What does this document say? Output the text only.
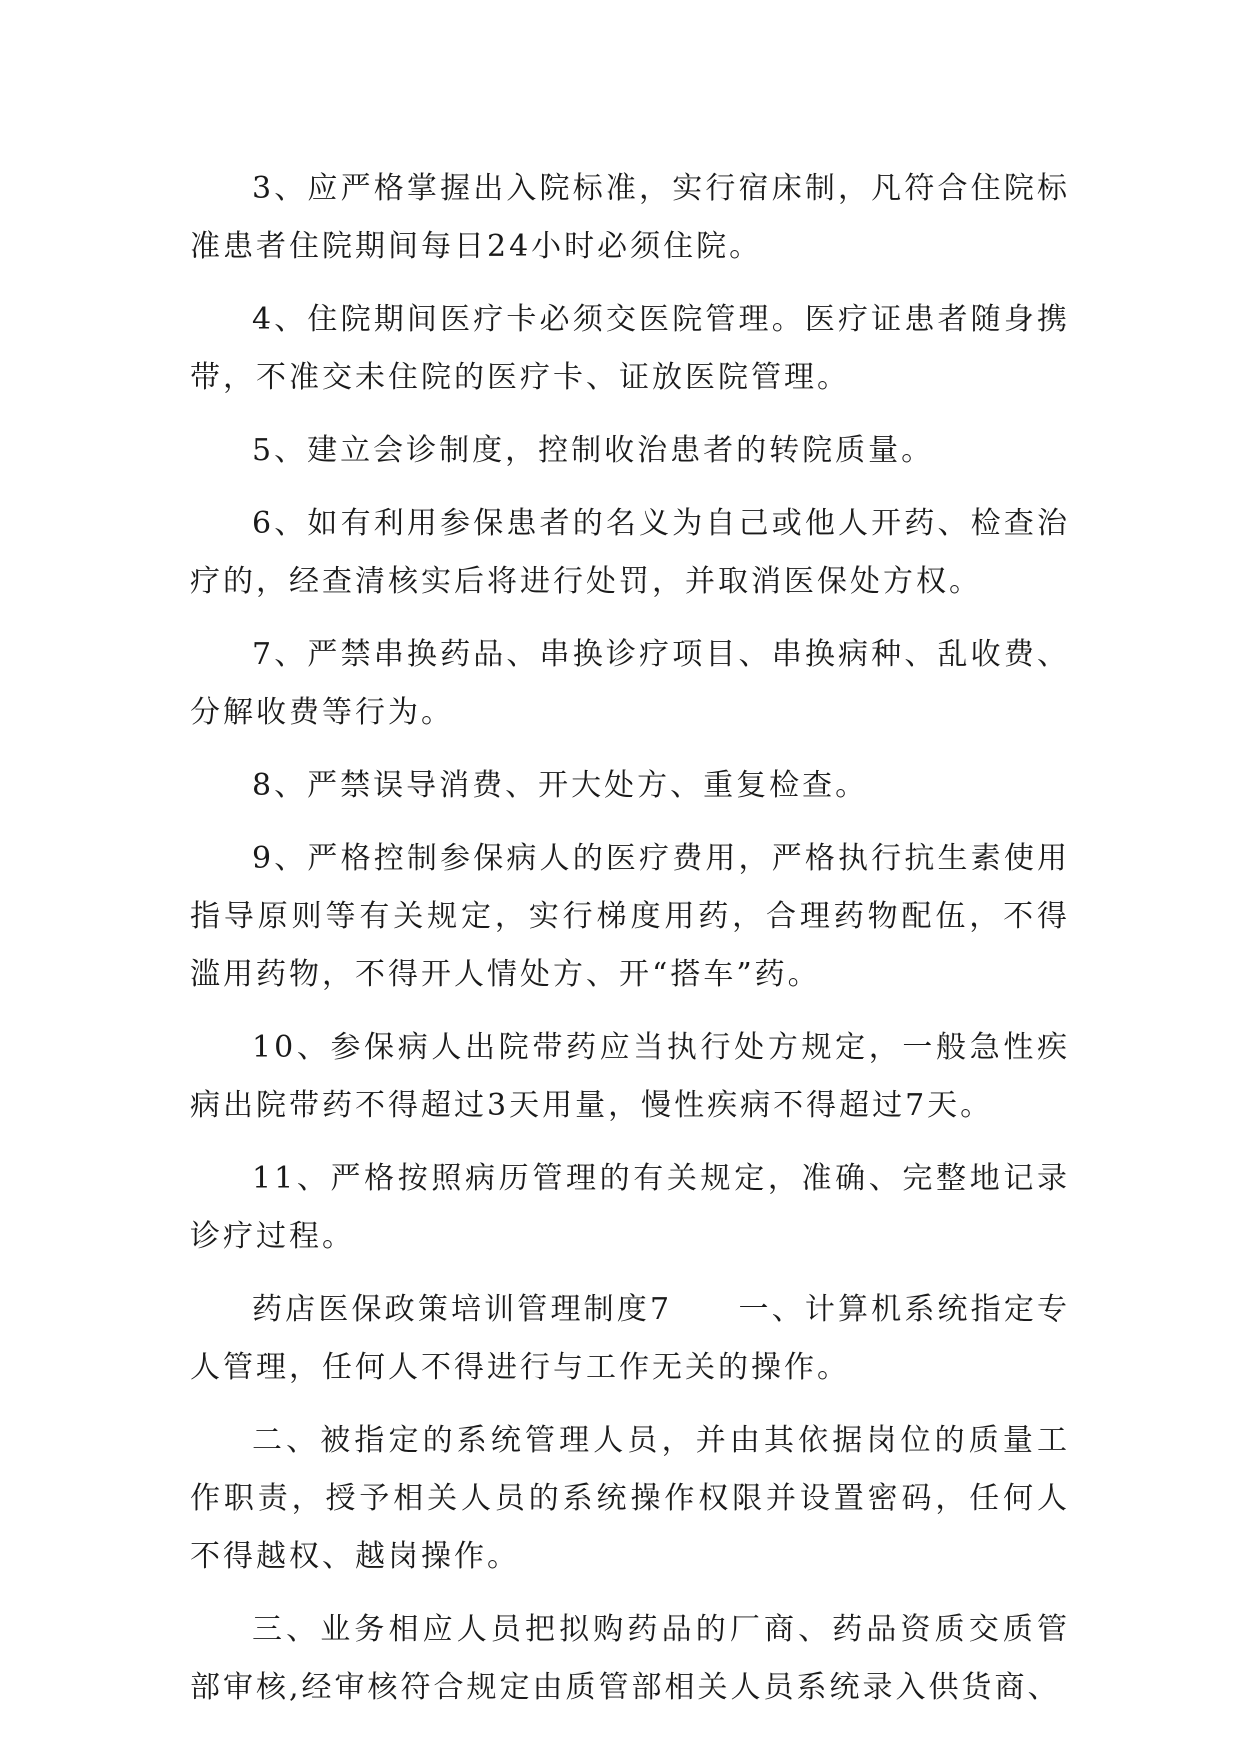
3、应严格掌握出入院标准，实行宿床制，凡符合住院标准患者住院期间每日24小时必须住院。

4、住院期间医疗卡必须交医院管理。医疗证患者随身携带，不准交未住院的医疗卡、证放医院管理。

5、建立会诊制度，控制收治患者的转院质量。

6、如有利用参保患者的名义为自己或他人开药、检查治疗的，经查清核实后将进行处罚，并取消医保处方权。

7、严禁串换药品、串换诊疗项目、串换病种、乱收费、分解收费等行为。

8、严禁误导消费、开大处方、重复检查。

9、严格控制参保病人的医疗费用，严格执行抗生素使用指导原则等有关规定，实行梯度用药，合理药物配伍，不得滥用药物，不得开人情处方、开“搭车”药。

10、参保病人出院带药应当执行处方规定，一般急性疾病出院带药不得超过3天用量，慢性疾病不得超过7天。

11、严格按照病历管理的有关规定，准确、完整地记录诊疗过程。

药店医保政策培训管理制度7　　一、计算机系统指定专人管理，任何人不得进行与工作无关的操作。

二、被指定的系统管理人员，并由其依据岗位的质量工作职责，授予相关人员的系统操作权限并设置密码，任何人不得越权、越岗操作。

三、业务相应人员把拟购药品的厂商、药品资质交质管部审核,经审核符合规定由质管部相关人员系统录入供货商、
